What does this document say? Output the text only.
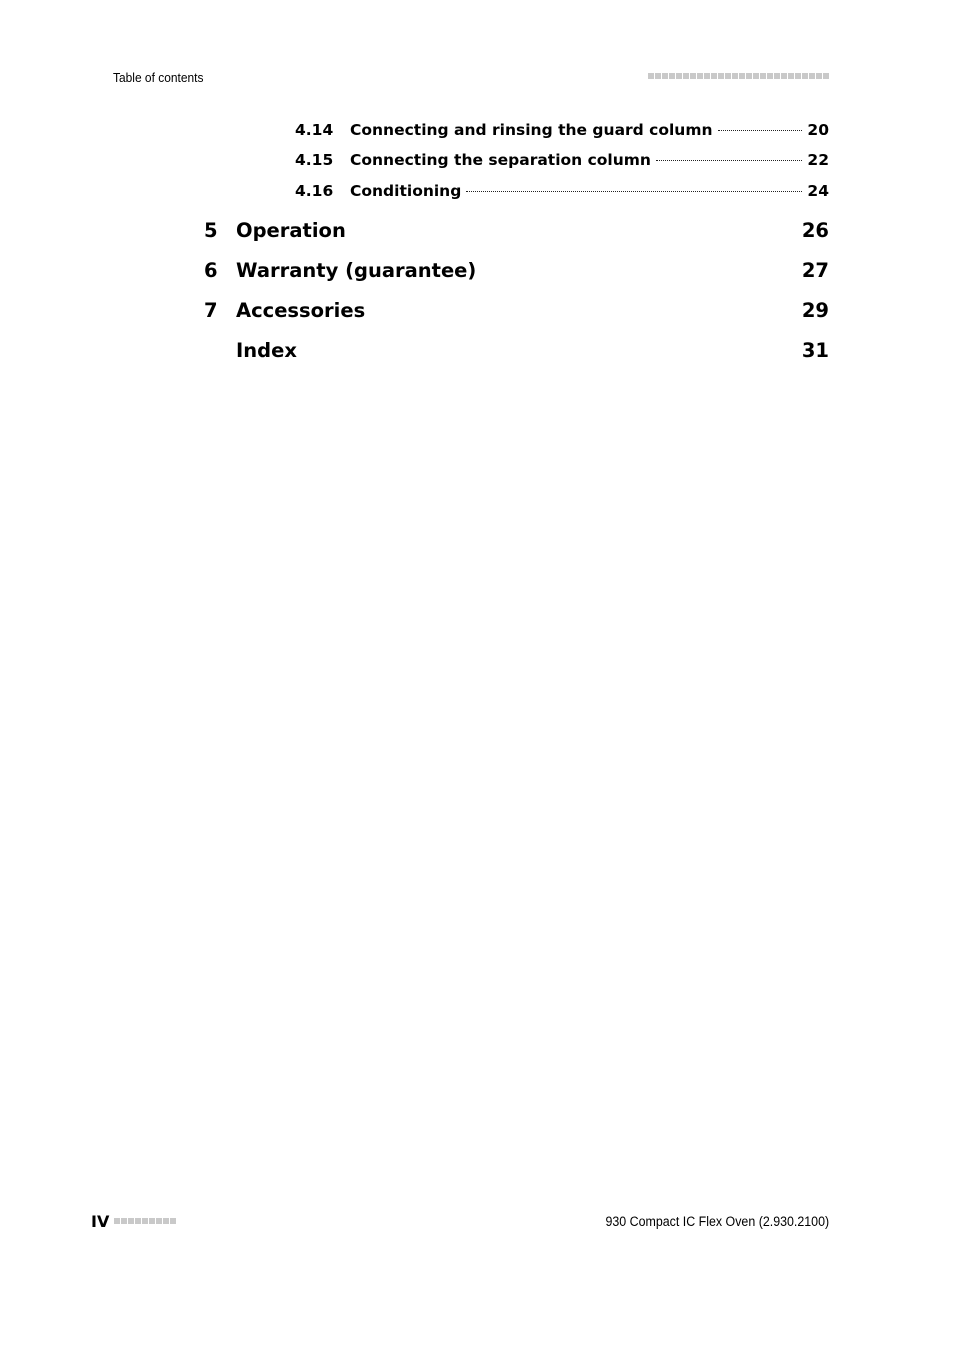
Table of contents
4.14	Connecting and rinsing the guard column	20
4.15	Connecting the separation column	22
4.16	Conditioning	24
5 Operation	26
6 Warranty (guarantee)	27
7 Accessories	29
Index	31
IV	930 Compact IC Flex Oven (2.930.2100)
